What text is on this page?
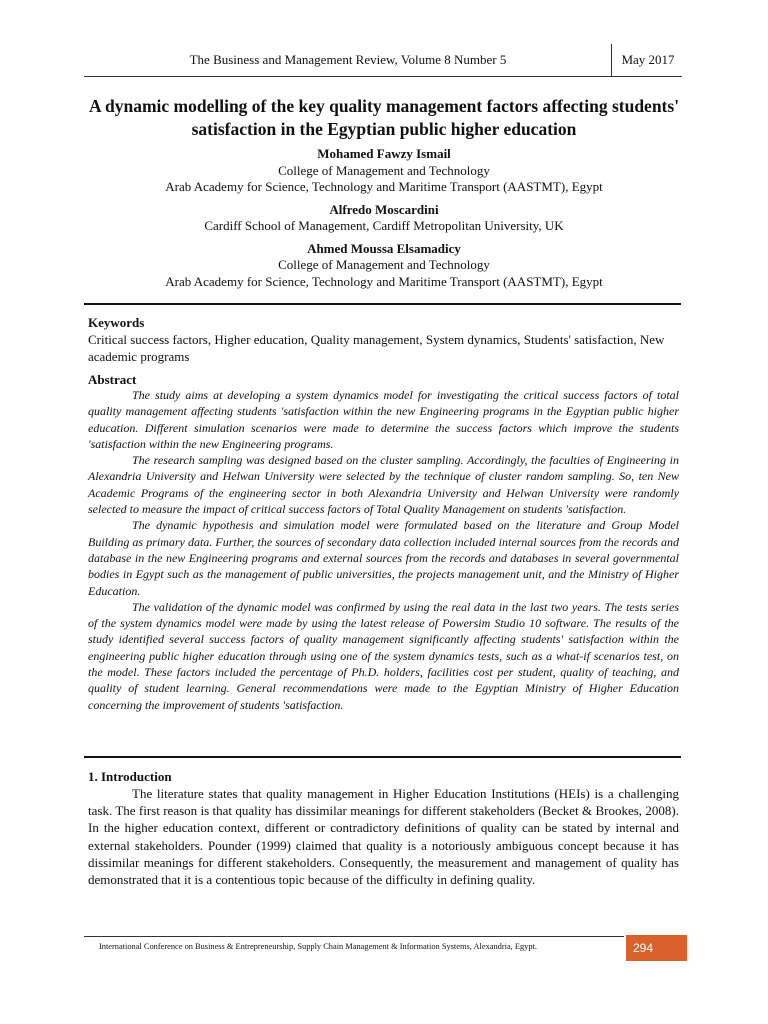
The Business and Management Review, Volume 8 Number 5	May 2017
A dynamic modelling of the key quality management factors affecting students' satisfaction in the Egyptian public higher education
Mohamed Fawzy Ismail
College of Management and Technology
Arab Academy for Science, Technology and Maritime Transport (AASTMT), Egypt
Alfredo Moscardini
Cardiff School of Management, Cardiff Metropolitan University, UK
Ahmed Moussa Elsamadicy
College of Management and Technology
Arab Academy for Science, Technology and Maritime Transport (AASTMT), Egypt
Keywords
Critical success factors, Higher education, Quality management, System dynamics, Students' satisfaction, New academic programs
Abstract

The study aims at developing a system dynamics model for investigating the critical success factors of total quality management affecting students 'satisfaction within the new Engineering programs in the Egyptian public higher education. Different simulation scenarios were made to determine the success factors which improve the students 'satisfaction within the new Engineering programs.

The research sampling was designed based on the cluster sampling. Accordingly, the faculties of Engineering in Alexandria University and Helwan University were selected by the technique of cluster random sampling. So, ten New Academic Programs of the engineering sector in both Alexandria University and Helwan University were randomly selected to measure the impact of critical success factors of Total Quality Management on students 'satisfaction.

The dynamic hypothesis and simulation model were formulated based on the literature and Group Model Building as primary data. Further, the sources of secondary data collection included internal sources from the records and database in the new Engineering programs and external sources from the records and databases in several governmental bodies in Egypt such as the management of public universities, the projects management unit, and the Ministry of Higher Education.

The validation of the dynamic model was confirmed by using the real data in the last two years. The tests series of the system dynamics model were made by using the latest release of Powersim Studio 10 software. The results of the study identified several success factors of quality management significantly affecting students' satisfaction within the engineering public higher education through using one of the system dynamics tests, such as a what-if scenarios test, on the model. These factors included the percentage of Ph.D. holders, facilities cost per student, quality of teaching, and quality of student learning. General recommendations were made to the Egyptian Ministry of Higher Education concerning the improvement of students 'satisfaction.

1. Introduction

The literature states that quality management in Higher Education Institutions (HEIs) is a challenging task. The first reason is that quality has dissimilar meanings for different stakeholders (Becket & Brookes, 2008). In the higher education context, different or contradictory definitions of quality can be stated by internal and external stakeholders. Pounder (1999) claimed that quality is a notoriously ambiguous concept because it has dissimilar meanings for different stakeholders. Consequently, the measurement and management of quality has demonstrated that it is a contentious topic because of the difficulty in defining quality.

International Conference on Business & Entrepreneurship, Supply Chain Management & Information Systems, Alexandria, Egypt.	294
